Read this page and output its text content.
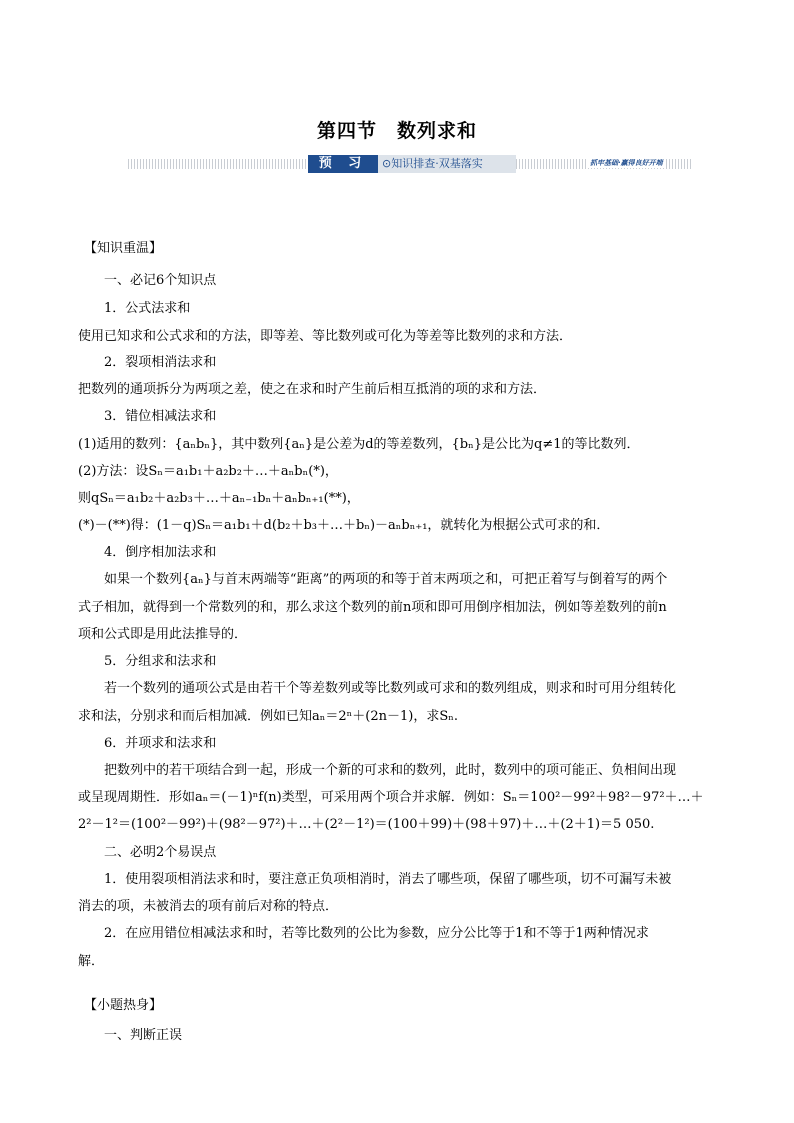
第四节　数列求和
预 习	⊙知识排查·双基落实	抓牢基础·赢得良好开端
【知识重温】
一、必记6个知识点
1．公式法求和
使用已知求和公式求和的方法，即等差、等比数列或可化为等差等比数列的求和方法．
2．裂项相消法求和
把数列的通项拆分为两项之差，使之在求和时产生前后相互抵消的项的求和方法．
3．错位相减法求和
(1)适用的数列：{aₙbₙ}，其中数列{aₙ}是公差为d的等差数列，{bₙ}是公比为q≠1的等比数列．
(2)方法：设Sₙ＝a₁b₁＋a₂b₂＋…＋aₙbₙ(*)，
则qSₙ＝a₁b₂＋a₂b₃＋…＋aₙ₋₁bₙ＋aₙbₙ₊₁(**)，
(*)－(**)得：(1－q)Sₙ＝a₁b₁＋d(b₂＋b₃＋…＋bₙ)－aₙbₙ₊₁，就转化为根据公式可求的和．
4．倒序相加法求和
如果一个数列{aₙ}与首末两端等“距离”的两项的和等于首末两项之和，可把正着写与倒着写的两个
式子相加，就得到一个常数列的和，那么求这个数列的前n项和即可用倒序相加法，例如等差数列的前n
项和公式即是用此法推导的．
5．分组求和法求和
若一个数列的通项公式是由若干个等差数列或等比数列或可求和的数列组成，则求和时可用分组转化
求和法，分别求和而后相加减．例如已知aₙ＝2ⁿ＋(2n－1)，求Sₙ.
6．并项求和法求和
把数列中的若干项结合到一起，形成一个新的可求和的数列，此时，数列中的项可能正、负相间出现
或呈现周期性．形如aₙ＝(－1)ⁿf(n)类型，可采用两个项合并求解．例如：Sₙ＝100²－99²＋98²－97²＋…＋
2²－1²＝(100²－99²)＋(98²－97²)＋…＋(2²－1²)＝(100＋99)＋(98＋97)＋…＋(2＋1)＝5 050.
二、必明2个易误点
1．使用裂项相消法求和时，要注意正负项相消时，消去了哪些项，保留了哪些项，切不可漏写未被
消去的项，未被消去的项有前后对称的特点．
2．在应用错位相减法求和时，若等比数列的公比为参数，应分公比等于1和不等于1两种情况求
解．
【小题热身】
一、判断正误
